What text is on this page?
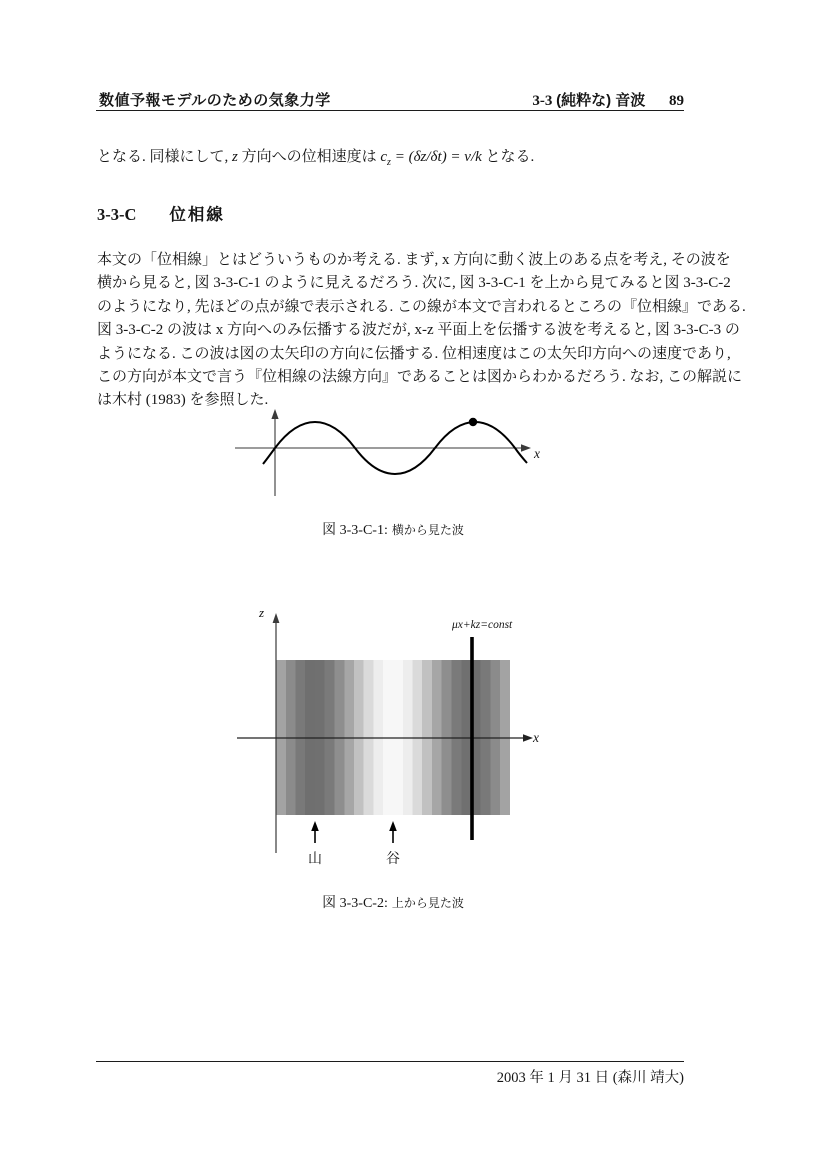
数値予報モデルのための気象力学	3-3 (純粋な) 音波 89
となる. 同様にして, z 方向への位相速度は $c_z = (\delta z/\delta t) = \nu/k$ となる.
3-3-C 位相線
本文の「位相線」とはどういうものか考える. まず, x 方向に動く波上のある点を考え, その波を
横から見ると, 図 3-3-C-1 のように見えるだろう. 次に, 図 3-3-C-1 を上から見てみると図 3-3-C-2
のようになり, 先ほどの点が線で表示される. この線が本文で言われるところの『位相線』である.
図 3-3-C-2 の波は x 方向へのみ伝播する波だが, x-z 平面上を伝播する波を考えると, 図 3-3-C-3 の
ようになる. この波は図の太矢印の方向に伝播する. 位相速度はこの太矢印方向への速度であり,
この方向が本文で言う『位相線の法線方向』であることは図からわかるだろう. なお, この解説に
は木村 (1983) を参照した.
x
図 3-3-C-1: 横から見た波
z
x
μx+kz=const
山	谷
図 3-3-C-2: 上から見た波
2003 年 1 月 31 日 (森川 靖大)
